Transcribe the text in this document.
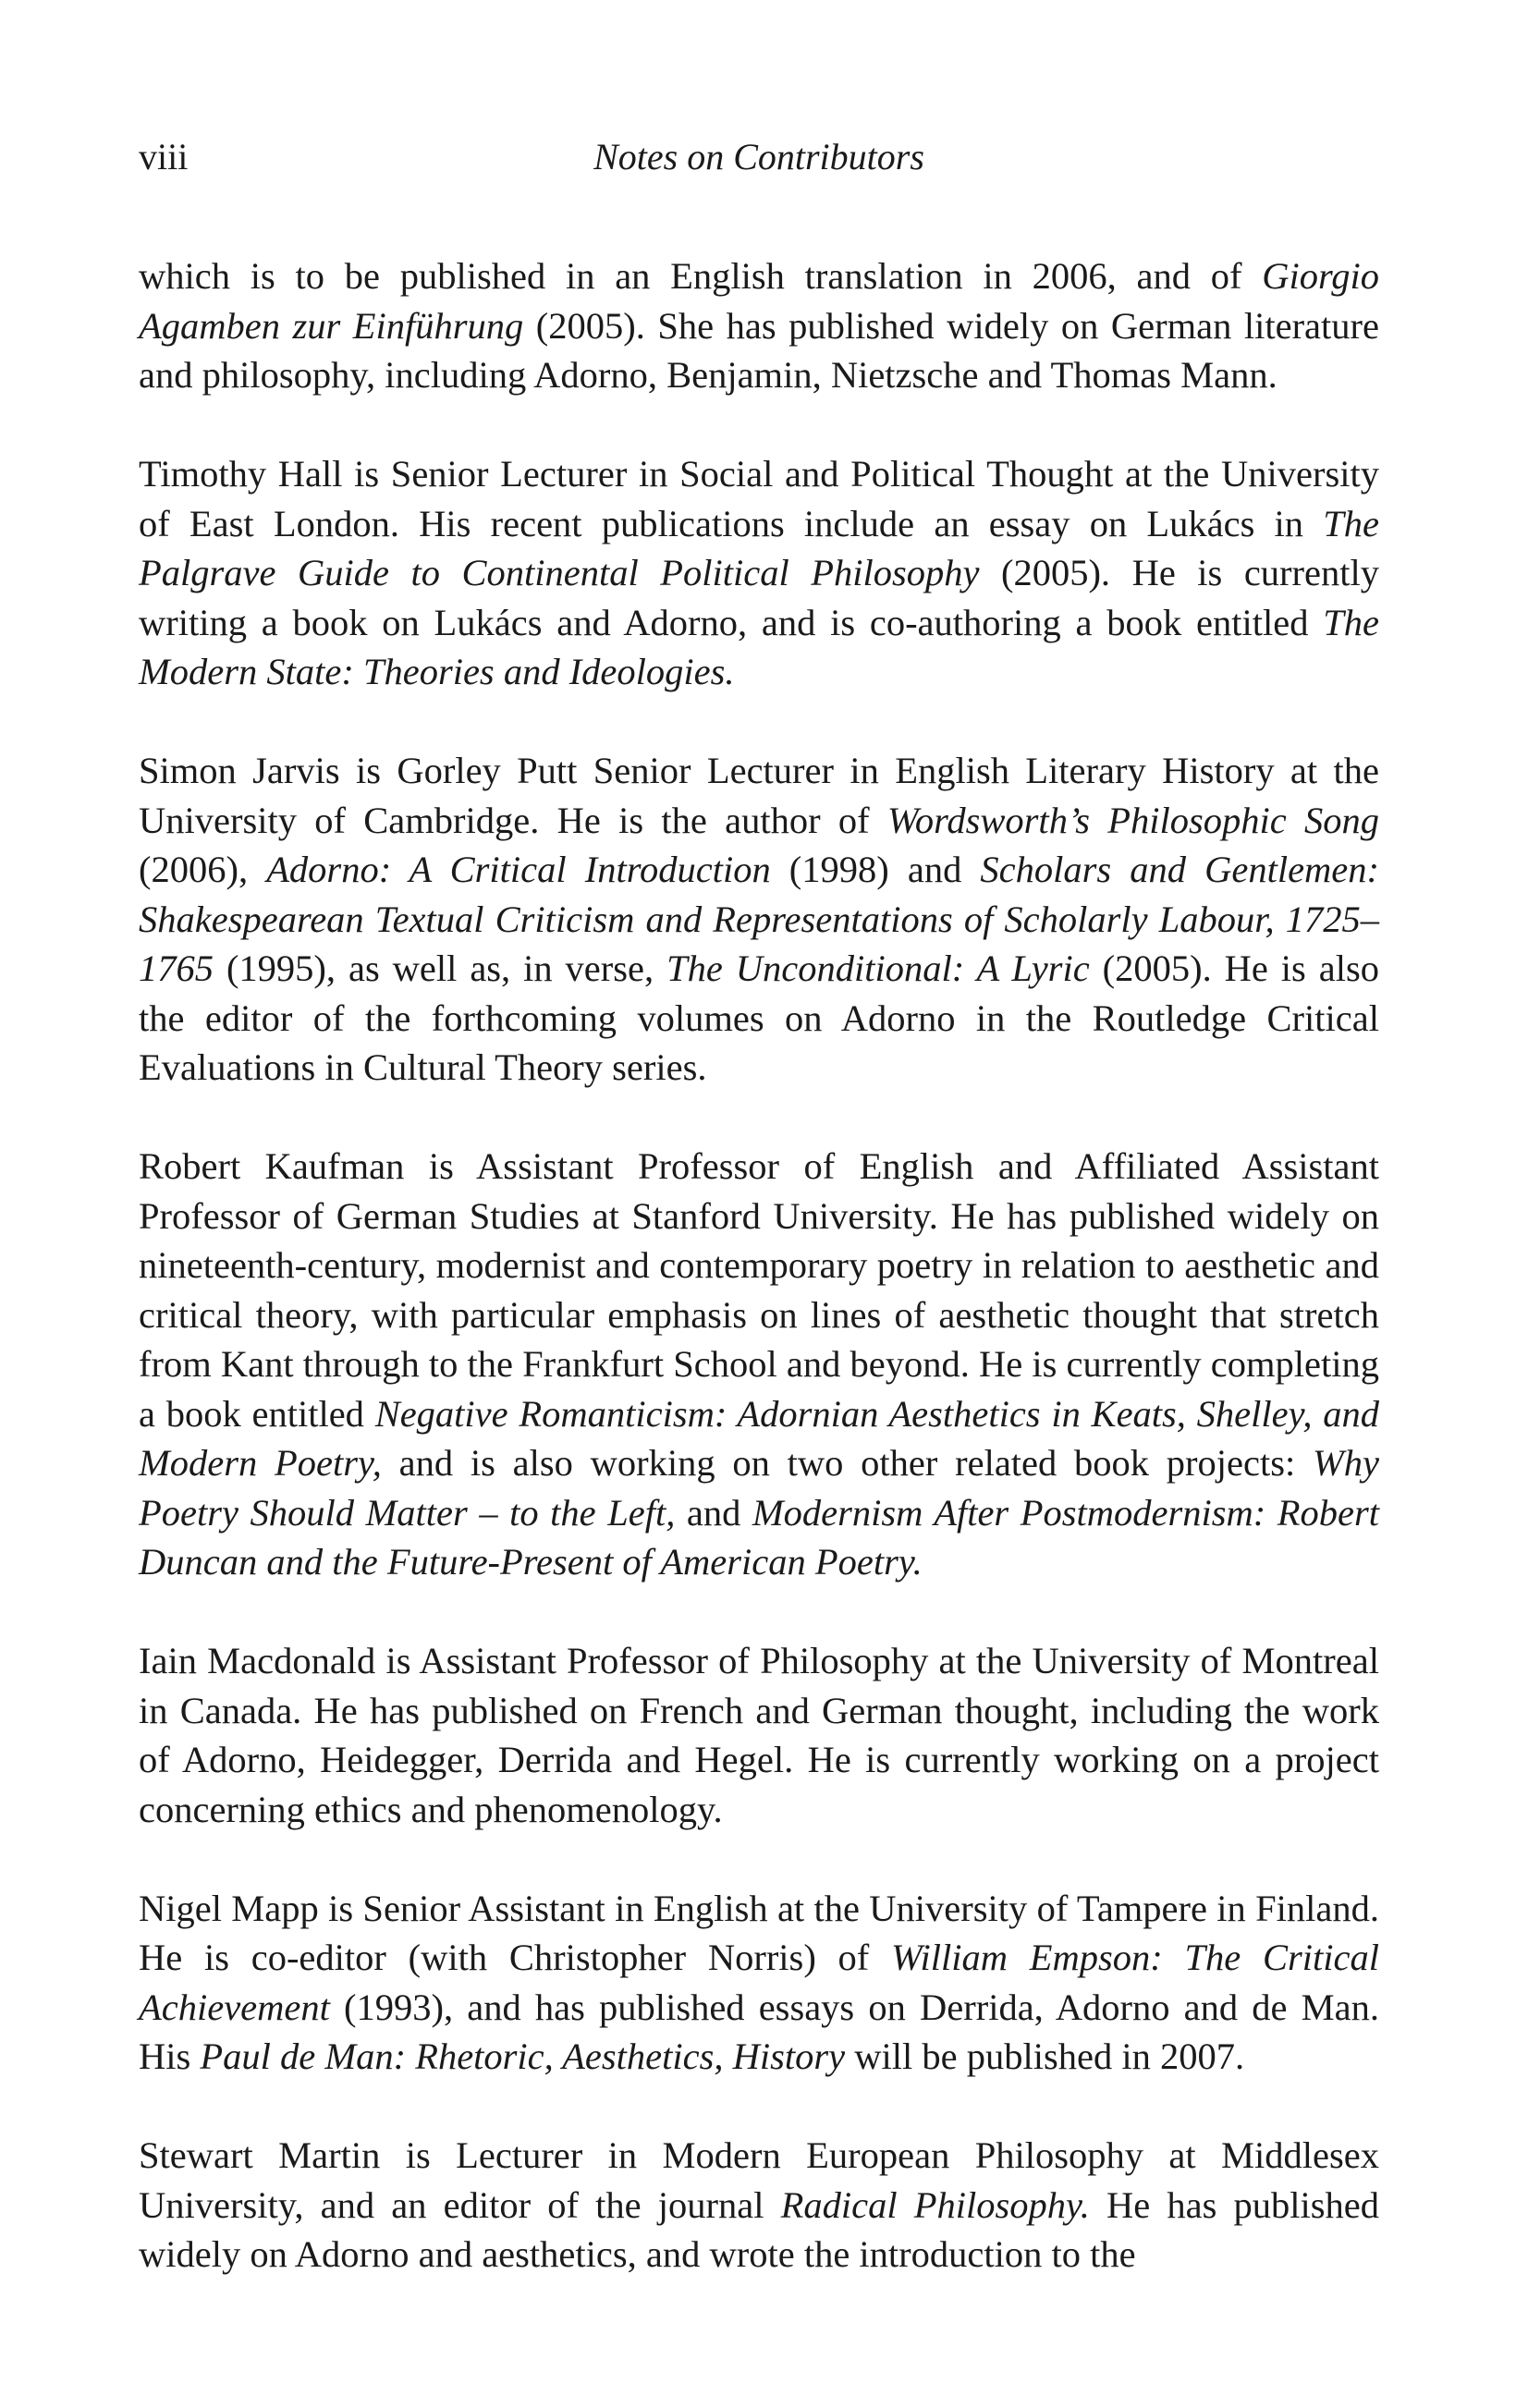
viii	Notes on Contributors

which is to be published in an English translation in 2006, and of Giorgio Agamben zur Einführung (2005). She has published widely on German literature and philosophy, including Adorno, Benjamin, Nietzsche and Thomas Mann.

Timothy Hall is Senior Lecturer in Social and Political Thought at the University of East London. His recent publications include an essay on Lukács in The Palgrave Guide to Continental Political Philosophy (2005). He is currently writing a book on Lukács and Adorno, and is co-authoring a book entitled The Modern State: Theories and Ideologies.

Simon Jarvis is Gorley Putt Senior Lecturer in English Literary History at the University of Cambridge. He is the author of Wordsworth’s Philosophic Song (2006), Adorno: A Critical Introduction (1998) and Scholars and Gentlemen: Shakespearean Textual Criticism and Representations of Scholarly Labour, 1725–1765 (1995), as well as, in verse, The Unconditional: A Lyric (2005). He is also the editor of the forthcoming volumes on Adorno in the Routledge Critical Evaluations in Cultural Theory series.

Robert Kaufman is Assistant Professor of English and Affiliated Assistant Professor of German Studies at Stanford University. He has published widely on nineteenth-century, modernist and contemporary poetry in relation to aesthetic and critical theory, with particular emphasis on lines of aesthetic thought that stretch from Kant through to the Frankfurt School and beyond. He is currently completing a book entitled Negative Romanticism: Adornian Aesthetics in Keats, Shelley, and Modern Poetry, and is also working on two other related book projects: Why Poetry Should Matter – to the Left, and Modernism After Postmodernism: Robert Duncan and the Future-Present of American Poetry.

Iain Macdonald is Assistant Professor of Philosophy at the University of Montreal in Canada. He has published on French and German thought, including the work of Adorno, Heidegger, Derrida and Hegel. He is currently working on a project concerning ethics and phenomenology.

Nigel Mapp is Senior Assistant in English at the University of Tampere in Finland. He is co-editor (with Christopher Norris) of William Empson: The Critical Achievement (1993), and has published essays on Derrida, Adorno and de Man. His Paul de Man: Rhetoric, Aesthetics, History will be published in 2007.

Stewart Martin is Lecturer in Modern European Philosophy at Middlesex University, and an editor of the journal Radical Philosophy. He has published widely on Adorno and aesthetics, and wrote the introduction to the
